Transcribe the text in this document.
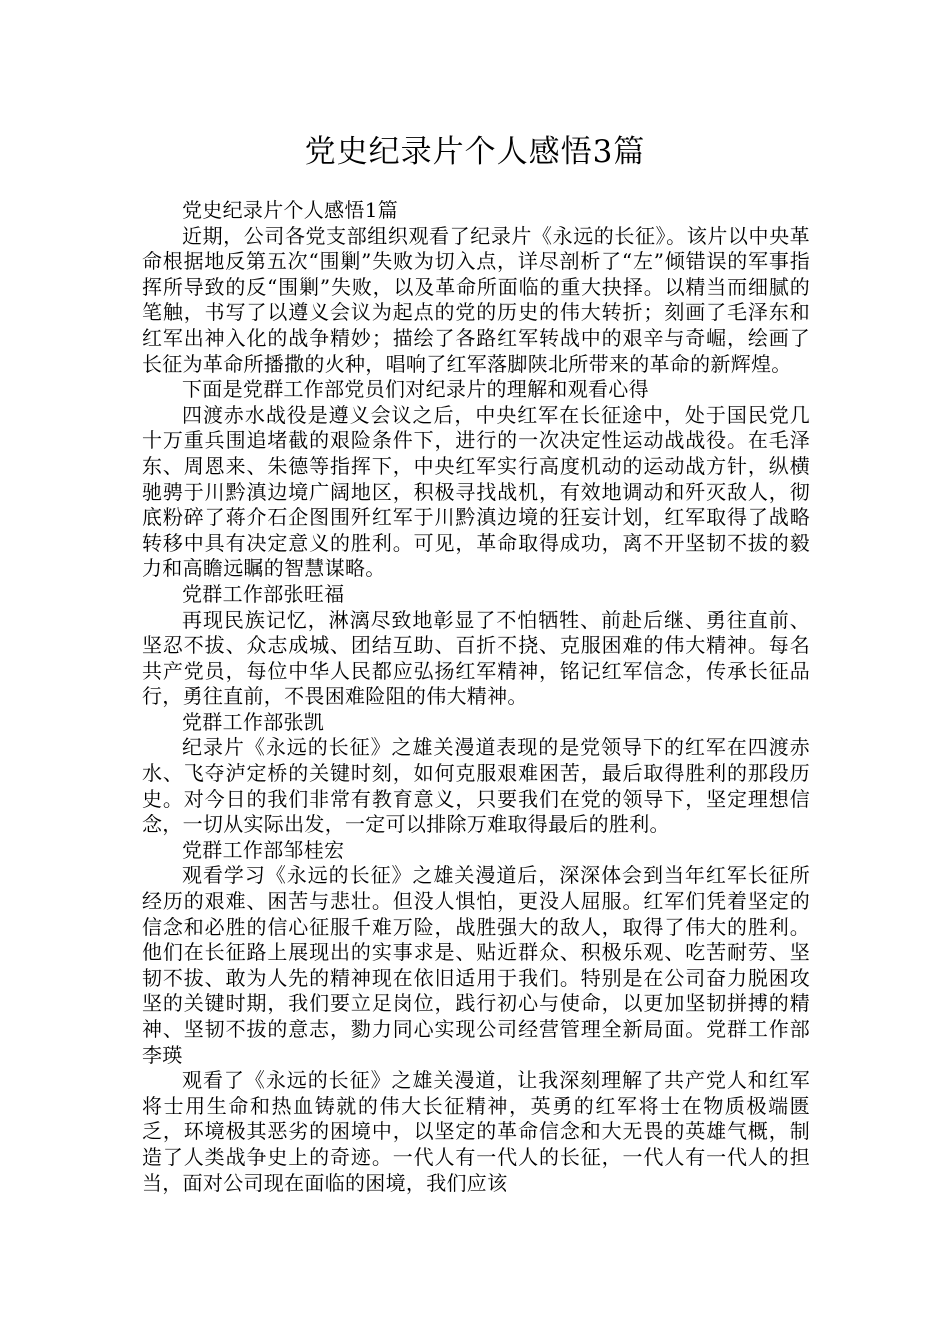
党史纪录片个人感悟3篇

党史纪录片个人感悟1篇

近期，公司各党支部组织观看了纪录片《永远的长征》。该片以中央革命根据地反第五次“围剿”失败为切入点，详尽剖析了“左”倾错误的军事指挥所导致的反“围剿”失败，以及革命所面临的重大抉择。以精当而细腻的笔触，书写了以遵义会议为起点的党的历史的伟大转折；刻画了毛泽东和红军出神入化的战争精妙；描绘了各路红军转战中的艰辛与奇崛，绘画了长征为革命所播撒的火种，唱响了红军落脚陕北所带来的革命的新辉煌。

下面是党群工作部党员们对纪录片的理解和观看心得

四渡赤水战役是遵义会议之后，中央红军在长征途中，处于国民党几十万重兵围追堵截的艰险条件下，进行的一次决定性运动战战役。在毛泽东、周恩来、朱德等指挥下，中央红军实行高度机动的运动战方针，纵横驰骋于川黔滇边境广阔地区，积极寻找战机，有效地调动和歼灭敌人，彻底粉碎了蒋介石企图围歼红军于川黔滇边境的狂妄计划，红军取得了战略转移中具有决定意义的胜利。可见，革命取得成功，离不开坚韧不拔的毅力和高瞻远瞩的智慧谋略。

党群工作部张旺福

再现民族记忆，淋漓尽致地彰显了不怕牺牲、前赴后继、勇往直前、坚忍不拔、众志成城、团结互助、百折不挠、克服困难的伟大精神。每名共产党员，每位中华人民都应弘扬红军精神，铭记红军信念，传承长征品行，勇往直前，不畏困难险阻的伟大精神。

党群工作部张凯

纪录片《永远的长征》之雄关漫道表现的是党领导下的红军在四渡赤水、飞夺泸定桥的关键时刻，如何克服艰难困苦，最后取得胜利的那段历史。对今日的我们非常有教育意义，只要我们在党的领导下，坚定理想信念，一切从实际出发，一定可以排除万难取得最后的胜利。

党群工作部邹桂宏

观看学习《永远的长征》之雄关漫道后，深深体会到当年红军长征所经历的艰难、困苦与悲壮。但没人惧怕，更没人屈服。红军们凭着坚定的信念和必胜的信心征服千难万险，战胜强大的敌人，取得了伟大的胜利。他们在长征路上展现出的实事求是、贴近群众、积极乐观、吃苦耐劳、坚韧不拔、敢为人先的精神现在依旧适用于我们。特别是在公司奋力脱困攻坚的关键时期，我们要立足岗位，践行初心与使命，以更加坚韧拼搏的精神、坚韧不拔的意志，勠力同心实现公司经营管理全新局面。党群工作部李瑛

观看了《永远的长征》之雄关漫道，让我深刻理解了共产党人和红军将士用生命和热血铸就的伟大长征精神，英勇的红军将士在物质极端匮乏，环境极其恶劣的困境中，以坚定的革命信念和大无畏的英雄气概，制造了人类战争史上的奇迹。一代人有一代人的长征，一代人有一代人的担当，面对公司现在面临的困境，我们应该
